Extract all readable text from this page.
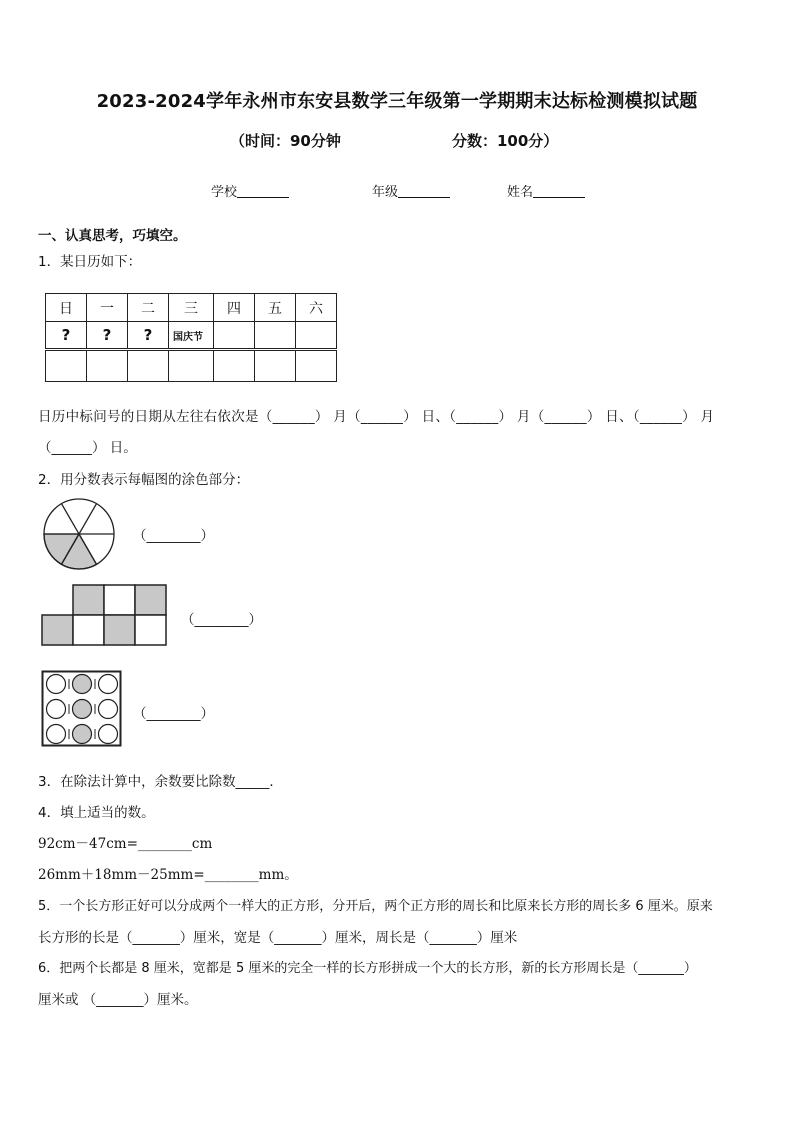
2023-2024学年永州市东安县数学三年级第一学期期末达标检测模拟试题
（时间：90分钟	分数：100分）
学校	年级	姓名
一、认真思考，巧填空。
1．某日历如下：
日	一	二	三	四	五	六
?	?	?	国庆节			

日历中标问号的日期从左往右依次是（______） 月（______） 日、（______） 月（______） 日、（______） 月
（______） 日。
2．用分数表示每幅图的涂色部分：
（________）
（________）
（________）
3．在除法计算中，余数要比除数_____．
4．填上适当的数。
92cm－47cm=________cm
26mm＋18mm－25mm=________mm。
5．一个长方形正好可以分成两个一样大的正方形，分开后，两个正方形的周长和比原来长方形的周长多 6 厘米。原来
长方形的长是（_______）厘米，宽是（_______）厘米，周长是（_______）厘米
6．把两个长都是 8 厘米，宽都是 5 厘米的完全一样的长方形拼成一个大的长方形，新的长方形周长是（_______）
厘米或 （_______）厘米。
